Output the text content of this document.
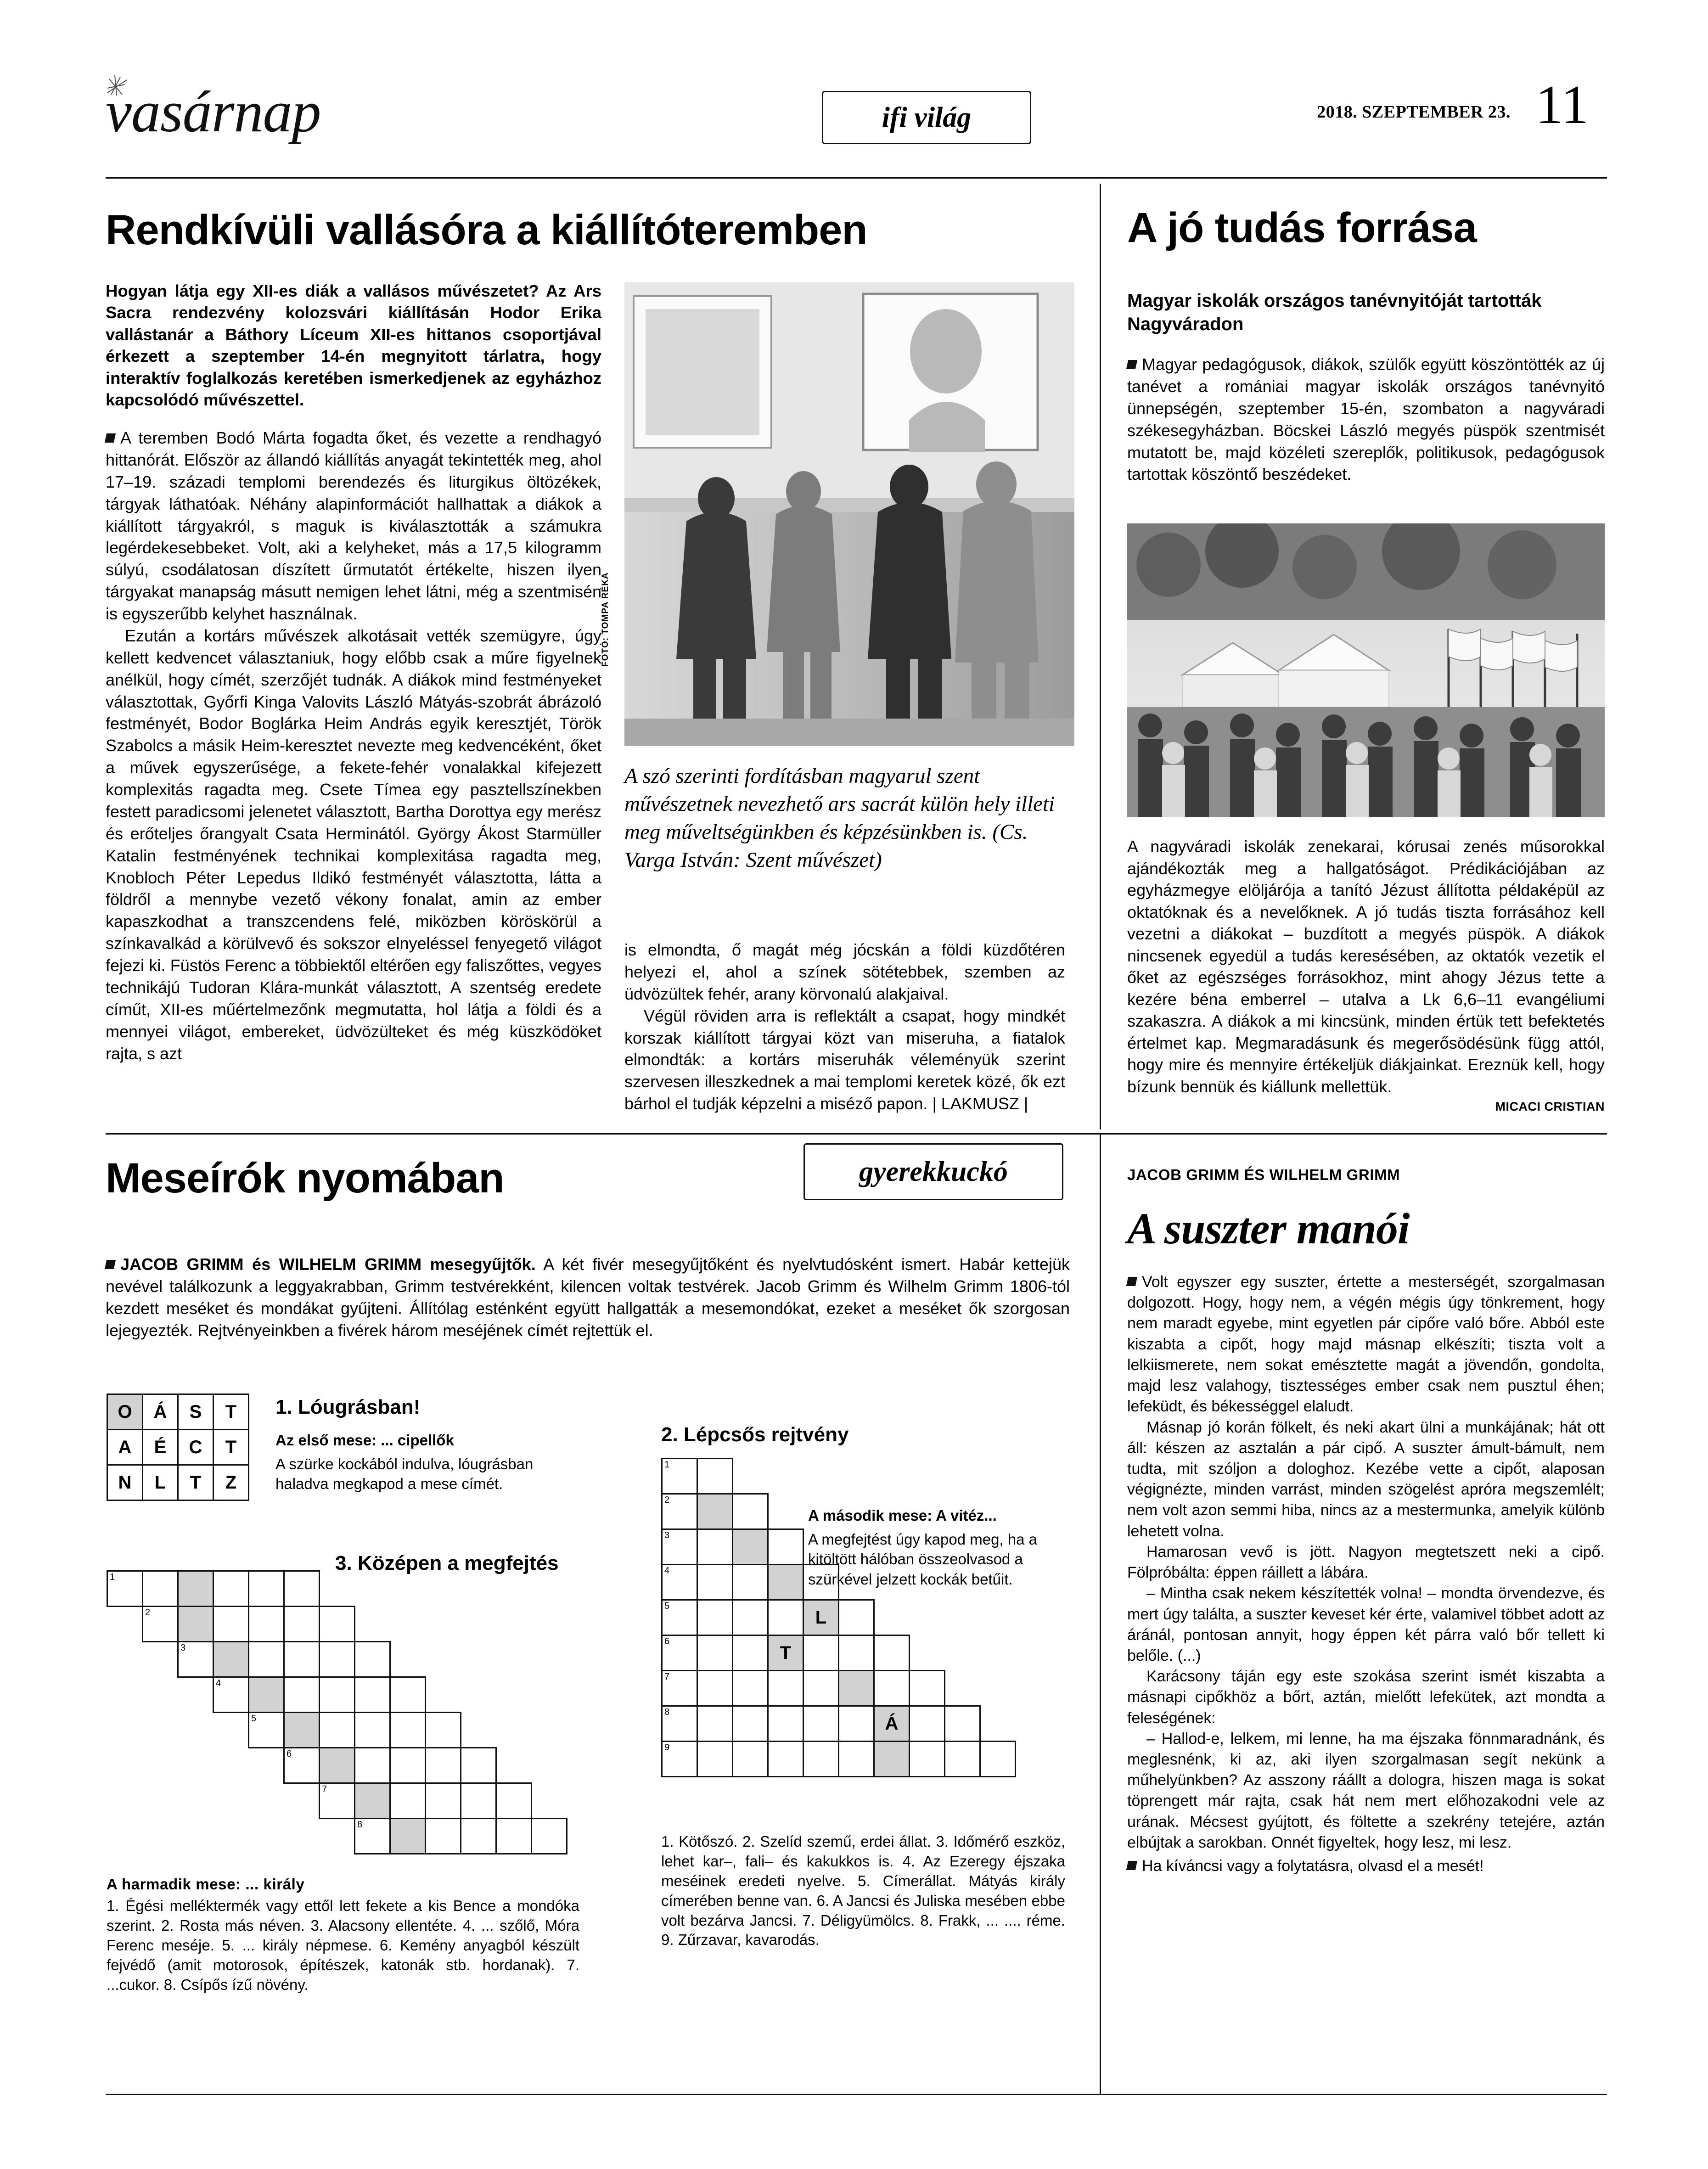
vasárnap	ifi világ	2018. SZEPTEMBER 23. 11
Rendkívüli vallásóra a kiállítóteremben
Hogyan látja egy XII-es diák a vallásos művészetet? Az Ars Sacra rendezvény kolozsvári kiállításán Hodor Erika vallástanár a Báthory Líceum XII-es hittanos csoportjával érkezett a szeptember 14-én megnyitott tárlatra, hogy interaktív foglalkozás keretében ismerkedjenek az egyházhoz kapcsolódó művészettel.

A teremben Bodó Márta fogadta őket, és vezette a rendhagyó hittanórát. Először az állandó kiállítás anyagát tekintették meg, ahol 17–19. századi templomi berendezés és liturgikus öltözékek, tárgyak láthatóak. Néhány alapinformációt hallhattak a diákok a kiállított tárgyakról, s maguk is kiválasztották a számukra legérdekesebbeket. Volt, aki a kelyheket, más a 17,5 kilogramm súlyú, csodálatosan díszített űrmutatót értékelte, hiszen ilyen tárgyakat manapság másutt nemigen lehet látni, még a szentmisén is egyszerűbb kelyhet használnak.

Ezután a kortárs művészek alkotásait vették szemügyre, úgy kellett kedvencet választaniuk, hogy előbb csak a műre figyelnek anélkül, hogy címét, szerzőjét tudnák. A diákok mind festményeket választottak, Győrfi Kinga Valovits László Mátyás-szobrát ábrázoló festményét, Bodor Boglárka Heim András egyik keresztjét, Török Szabolcs a másik Heim-keresztet nevezte meg kedvencéként, őket a művek egyszerűsége, a fekete-fehér vonalakkal kifejezett komplexitás ragadta meg. Csete Tímea egy pasztellszínekben festett paradicsomi jelenetet választott, Bartha Dorottya egy merész és erőteljes őrangyalt Csata Herminától. György Ákost Starmüller Katalin festményének technikai komplexitása ragadta meg, Knobloch Péter Lepedus Ildikó festményét választotta, látta a földről a mennybe vezető vékony fonalat, amin az ember kapaszkodhat a transzcendens felé, miközben köröskörül a színkavalkád a körülvevő és sokszor elnyeléssel fenyegető világot fejezi ki. Füstös Ferenc a többiektől eltérően egy faliszőttes, vegyes technikájú Tudoran Klára-munkát választott, A szentség eredete címűt, XII-es műértelmezőnk megmutatta, hol látja a földi és a mennyei világot, embereket, üdvözülteket és még küszködöket rajta, s azt

FOTÓ: TOMPA RÉKA
A szó szerinti fordításban magyarul szent művészetnek nevezhető ars sacrát külön hely illeti meg műveltségünkben és képzésünkben is. (Cs. Varga István: Szent művészet)

is elmondta, ő magát még jócskán a földi küzdőtéren helyezi el, ahol a színek sötétebbek, szemben az üdvözültek fehér, arany körvonalú alakjaival.

Végül röviden arra is reflektált a csapat, hogy mindkét korszak kiállított tárgyai közt van miseruha, a fiatalok elmondták: a kortárs miseruhák véleményük szerint szervesen illeszkednek a mai templomi keretek közé, ők ezt bárhol el tudják képzelni a miséző papon. | LAKMUSZ |

A jó tudás forrása
Magyar iskolák országos tanévnyitóját tartották Nagyváradon

Magyar pedagógusok, diákok, szülők együtt köszöntötték az új tanévet a romániai magyar iskolák országos tanévnyitó ünnepségén, szeptember 15-én, szombaton a nagyváradi székesegyházban. Böcskei László megyés püspök szentmisét mutatott be, majd közéleti szereplők, politikusok, pedagógusok tartottak köszöntő beszédeket.

A nagyváradi iskolák zenekarai, kórusai zenés műsorokkal ajándékozták meg a hallgatóságot. Prédikációjában az egyházmegye elöljárója a tanító Jézust állította példaképül az oktatóknak és a nevelőknek. A jó tudás tiszta forrásához kell vezetni a diákokat – buzdított a megyés püspök. A diákok nincsenek egyedül a tudás keresésében, az oktatók vezetik el őket az egészséges forrásokhoz, mint ahogy Jézus tette a kezére béna emberrel – utalva a Lk 6,6–11 evangéliumi szakaszra. A diákok a mi kincsünk, minden értük tett befektetés értelmet kap. Megmaradásunk és megerősödésünk függ attól, hogy mire és mennyire értékeljük diákjainkat. Ereznük kell, hogy bízunk bennük és kiállunk mellettük.
MICACI CRISTIAN
Meseírók nyomában	gyerekkuckó

JACOB GRIMM és WILHELM GRIMM mesegyűjtők. A két fivér mesegyűjtőként és nyelvtudósként ismert. Habár kettejük nevével találkozunk a leggyakrabban, Grimm testvérekként, kilencen voltak testvérek. Jacob Grimm és Wilhelm Grimm 1806-tól kezdett meséket és mondákat gyűjteni. Állítólag esténként együtt hallgatták a mesemondókat, ezeket a meséket ők szorgosan lejegyezték. Rejtvényeinkben a fivérek három meséjének címét rejtettük el.

O	Á	S	T
A	É	C	T
N	L	T	Z
1. Lóugrásban!
Az első mese: ... cipellők
A szürke kockából indulva, lóugrásban haladva megkapod a mese címét.
3. Középen a megfejtés
1												

	2											

		3										

			4									

				5								

					6							

						7						

							8					

A harmadik mese: ... király
1. Égési melléktermék vagy ettől lett fekete a kis Bence a mondóka szerint. 2. Rosta más néven. 3. Alacsony ellentéte. 4. ... szőlő, Móra Ferenc meséje. 5. ... király népmese. 6. Kemény anyagból készült fejvédő (amit motorosok, építészek, katonák stb. hordanak). 7. ...cukor. 8. Csípős ízű növény.
2. Lépcsős rejtvény
1									

2									

3									

4									

5				L					

6			T						

7									

8						Á			

9									

A második mese: A vitéz...
A megfejtést úgy kapod meg, ha a kitöltött hálóban összeolvasod a szürkével jelzett kockák betűit.
1. Kötőszó. 2. Szelíd szemű, erdei állat. 3. Időmérő eszköz, lehet kar–, fali– és kakukkos is. 4. Az Ezeregy éjszaka meséinek eredeti nyelve. 5. Címerállat. Mátyás király címerében benne van. 6. A Jancsi és Juliska mesében ebbe volt bezárva Jancsi. 7. Déligyümölcs. 8. Frakk, ... .... réme. 9. Zűrzavar, kavarodás.
JACOB GRIMM ÉS WILHELM GRIMM
A suszter manói

Volt egyszer egy suszter, értette a mesterségét, szorgalmasan dolgozott. Hogy, hogy nem, a végén mégis úgy tönkrement, hogy nem maradt egyebe, mint egyetlen pár cipőre való bőre. Abból este kiszabta a cipőt, hogy majd másnap elkészíti; tiszta volt a lelkiismerete, nem sokat emésztette magát a jövendőn, gondolta, majd lesz valahogy, tisztességes ember csak nem pusztul éhen; lefeküdt, és békességgel elaludt.

Másnap jó korán fölkelt, és neki akart ülni a munkájának; hát ott áll: készen az asztalán a pár cipő. A suszter ámult-bámult, nem tudta, mit szóljon a dologhoz. Kezébe vette a cipőt, alaposan végignézte, minden varrást, minden szögelést apróra megszemlélt; nem volt azon semmi hiba, nincs az a mestermunka, amelyik különb lehetett volna.

Hamarosan vevő is jött. Nagyon megtetszett neki a cipő. Fölpróbálta: éppen ráillett a lábára.

– Mintha csak nekem készítették volna! – mondta örvendezve, és mert úgy találta, a suszter keveset kér érte, valamivel többet adott az áránál, pontosan annyit, hogy éppen két párra való bőr tellett ki belőle. (...)

Karácsony táján egy este szokása szerint ismét kiszabta a másnapi cipőkhöz a bőrt, aztán, mielőtt lefekütek, azt mondta a feleségének:

– Hallod-e, lelkem, mi lenne, ha ma éjszaka fönnmaradnánk, és meglesnénk, ki az, aki ilyen szorgalmasan segít nekünk a műhelyünkben? Az asszony ráállt a dologra, hiszen maga is sokat töprengett már rajta, csak hát nem mert előhozakodni vele az urának. Mécsest gyújtott, és föltette a szekrény tetejére, aztán elbújtak a sarokban. Onnét figyeltek, hogy lesz, mi lesz.

Ha kíváncsi vagy a folytatásra, olvasd el a mesét!
